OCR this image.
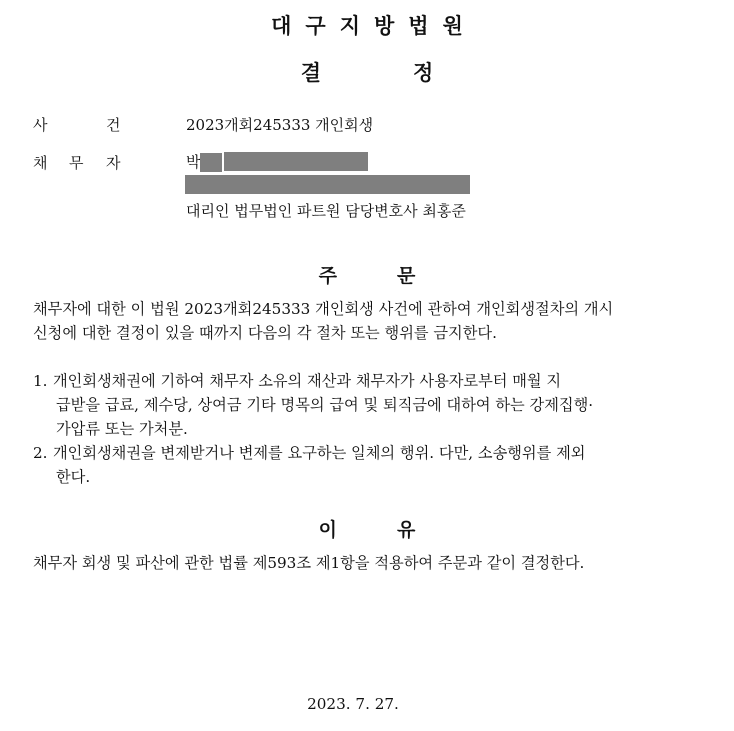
대구지방법원
결	정
사	건	2023개회245333 개인회생
채 무 자	박
대리인 법무법인 파트원 담당변호사 최홍준
주	문
채무자에 대한 이 법원 2023개회245333 개인회생 사건에 관하여 개인회생절차의 개시
신청에 대한 결정이 있을 때까지 다음의 각 절차 또는 행위를 금지한다.
1. 개인회생채권에 기하여 채무자 소유의 재산과 채무자가 사용자로부터 매월 지
급받을 급료, 제수당, 상여금 기타 명목의 급여 및 퇴직금에 대하여 하는 강제집행·
가압류 또는 가처분.
2. 개인회생채권을 변제받거나 변제를 요구하는 일체의 행위. 다만, 소송행위를 제외
한다.
이	유
채무자 회생 및 파산에 관한 법률 제593조 제1항을 적용하여 주문과 같이 결정한다.
2023. 7. 27.
